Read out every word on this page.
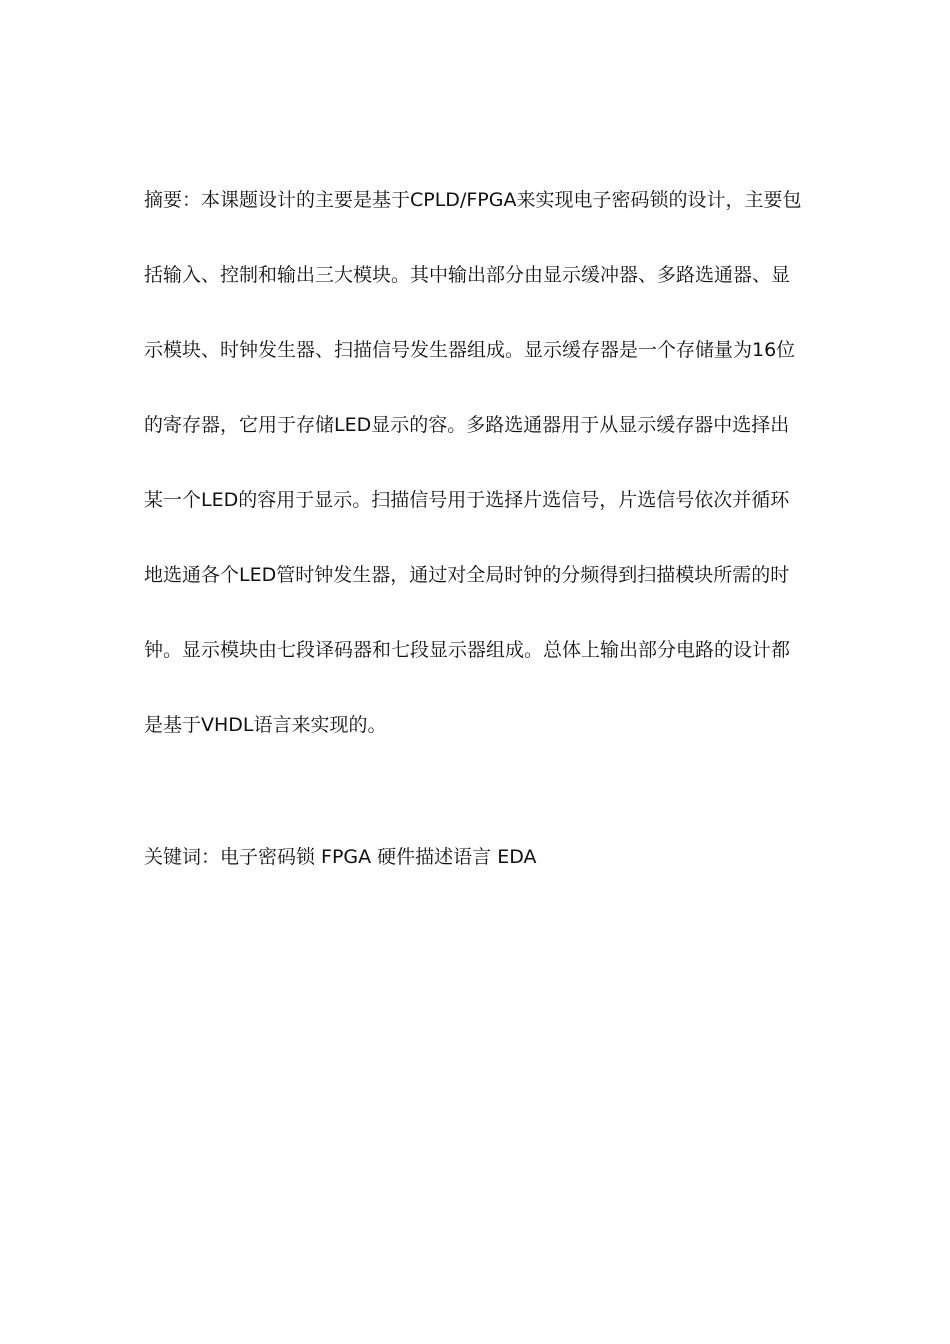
摘要：本课题设计的主要是基于CPLD/FPGA来实现电子密码锁的设计，主要包
括输入、控制和输出三大模块。其中输出部分由显示缓冲器、多路选通器、显
示模块、时钟发生器、扫描信号发生器组成。显示缓存器是一个存储量为16位
的寄存器，它用于存储LED显示的容。多路选通器用于从显示缓存器中选择出
某一个LED的容用于显示。扫描信号用于选择片选信号，片选信号依次并循环
地选通各个LED管时钟发生器，通过对全局时钟的分频得到扫描模块所需的时
钟。显示模块由七段译码器和七段显示器组成。总体上输出部分电路的设计都
是基于VHDL语言来实现的。
关键词：电子密码锁 FPGA 硬件描述语言 EDA
